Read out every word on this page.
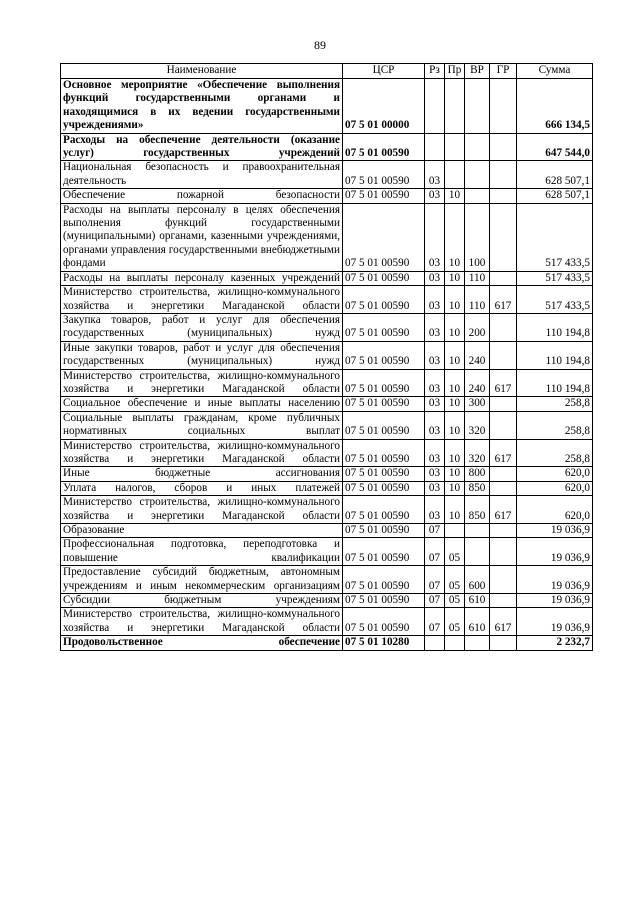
89
Наименование	ЦСР	Рз	Пр	ВР	ГР	Сумма
Основное мероприятие «Обеспечение выполнения функций государственными органами и находящимися в их ведении государственными учреждениями»	07 5 01 00000					666 134,5
Расходы на обеспечение деятельности (оказание услуг) государственных учреждений	07 5 01 00590					647 544,0
Национальная безопасность и правоохранительная деятельность	07 5 01 00590	03				628 507,1
Обеспечение пожарной безопасности	07 5 01 00590	03	10			628 507,1
Расходы на выплаты персоналу в целях обеспечения выполнения функций государственными (муниципальными) органами, казенными учреждениями, органами управления государственными внебюджетными фондами	07 5 01 00590	03	10	100		517 433,5
Расходы на выплаты персоналу казенных учреждений	07 5 01 00590	03	10	110		517 433,5
Министерство строительства, жилищно-коммунального хозяйства и энергетики Магаданской области	07 5 01 00590	03	10	110	617	517 433,5
Закупка товаров, работ и услуг для обеспечения государственных (муниципальных) нужд	07 5 01 00590	03	10	200		110 194,8
Иные закупки товаров, работ и услуг для обеспечения государственных (муниципальных) нужд	07 5 01 00590	03	10	240		110 194,8
Министерство строительства, жилищно-коммунального хозяйства и энергетики Магаданской области	07 5 01 00590	03	10	240	617	110 194,8
Социальное обеспечение и иные выплаты населению	07 5 01 00590	03	10	300		258,8
Социальные выплаты гражданам, кроме публичных нормативных социальных выплат	07 5 01 00590	03	10	320		258,8
Министерство строительства, жилищно-коммунального хозяйства и энергетики Магаданской области	07 5 01 00590	03	10	320	617	258,8
Иные бюджетные ассигнования	07 5 01 00590	03	10	800		620,0
Уплата налогов, сборов и иных платежей	07 5 01 00590	03	10	850		620,0
Министерство строительства, жилищно-коммунального хозяйства и энергетики Магаданской области	07 5 01 00590	03	10	850	617	620,0
Образование	07 5 01 00590	07				19 036,9
Профессиональная подготовка, переподготовка и повышение квалификации	07 5 01 00590	07	05			19 036,9
Предоставление субсидий бюджетным, автономным учреждениям и иным некоммерческим организациям	07 5 01 00590	07	05	600		19 036,9
Субсидии бюджетным учреждениям	07 5 01 00590	07	05	610		19 036,9
Министерство строительства, жилищно-коммунального хозяйства и энергетики Магаданской области	07 5 01 00590	07	05	610	617	19 036,9
Продовольственное обеспечение	07 5 01 10280					2 232,7
